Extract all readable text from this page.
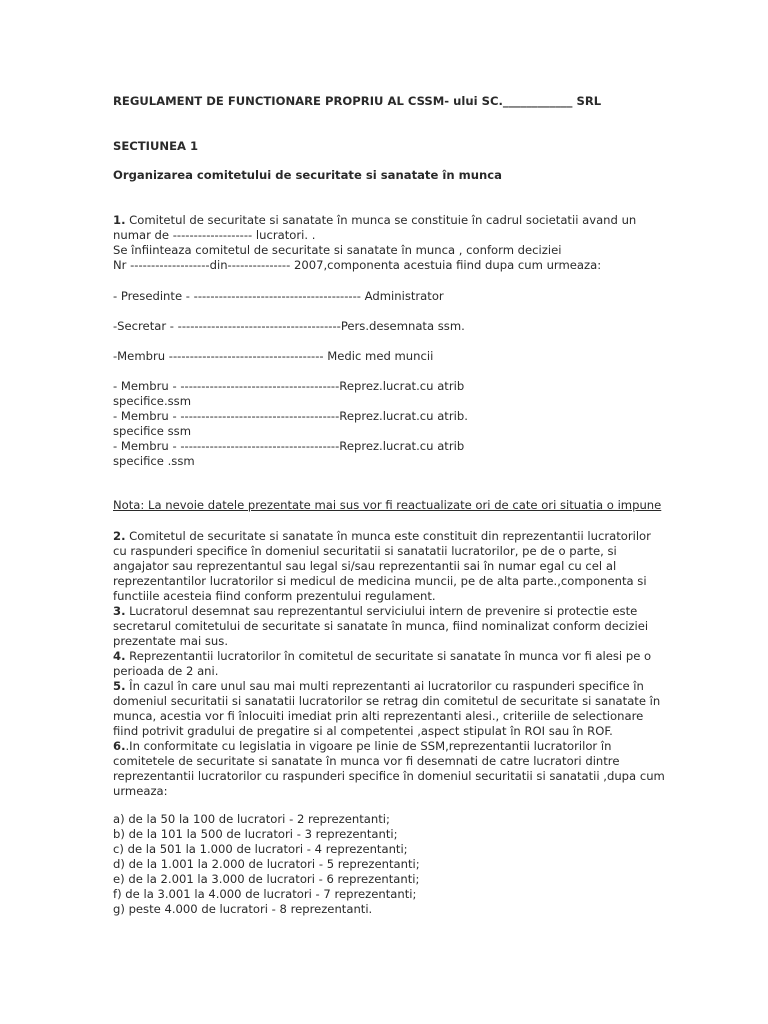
REGULAMENT DE FUNCTIONARE PROPRIU AL CSSM- ului SC.____________ SRL
SECTIUNEA 1
Organizarea comitetului de securitate si sanatate în munca
1. Comitetul de securitate si sanatate în munca se constituie în cadrul societatii avand un
numar de ------------------- lucratori. .
Se înfiinteaza comitetul de securitate si sanatate în munca , conform deciziei
Nr -------------------din--------------- 2007,componenta acestuia fiind dupa cum urmeaza:
- Presedinte - ---------------------------------------- Administrator
-Secretar - ---------------------------------------Pers.desemnata ssm.
-Membru ------------------------------------- Medic med muncii
- Membru - --------------------------------------Reprez.lucrat.cu atrib
specifice.ssm
- Membru - --------------------------------------Reprez.lucrat.cu atrib.
specifice ssm
- Membru - --------------------------------------Reprez.lucrat.cu atrib
specifice .ssm
Nota: La nevoie datele prezentate mai sus vor fi reactualizate ori de cate ori situatia o impune
2. Comitetul de securitate si sanatate în munca este constituit din reprezentantii lucratorilor
cu raspunderi specifice în domeniul securitatii si sanatatii lucratorilor, pe de o parte, si
angajator sau reprezentantul sau legal si/sau reprezentantii sai în numar egal cu cel al
reprezentantilor lucratorilor si medicul de medicina muncii, pe de alta parte.,componenta si
functiile acesteia fiind conform prezentului regulament.
3. Lucratorul desemnat sau reprezentantul serviciului intern de prevenire si protectie este
secretarul comitetului de securitate si sanatate în munca, fiind nominalizat conform deciziei
prezentate mai sus.
4. Reprezentantii lucratorilor în comitetul de securitate si sanatate în munca vor fi alesi pe o
perioada de 2 ani.
5. În cazul în care unul sau mai multi reprezentanti ai lucratorilor cu raspunderi specifice în
domeniul securitatii si sanatatii lucratorilor se retrag din comitetul de securitate si sanatate în
munca, acestia vor fi înlocuiti imediat prin alti reprezentanti alesi., criteriile de selectionare
fiind potrivit gradului de pregatire si al competentei ,aspect stipulat în ROI sau în ROF.
6..In conformitate cu legislatia in vigoare pe linie de SSM,reprezentantii lucratorilor în
comitetele de securitate si sanatate în munca vor fi desemnati de catre lucratori dintre
reprezentantii lucratorilor cu raspunderi specifice în domeniul securitatii si sanatatii ,dupa cum
urmeaza:
a) de la 50 la 100 de lucratori - 2 reprezentanti;
b) de la 101 la 500 de lucratori - 3 reprezentanti;
c) de la 501 la 1.000 de lucratori - 4 reprezentanti;
d) de la 1.001 la 2.000 de lucratori - 5 reprezentanti;
e) de la 2.001 la 3.000 de lucratori - 6 reprezentanti;
f) de la 3.001 la 4.000 de lucratori - 7 reprezentanti;
g) peste 4.000 de lucratori - 8 reprezentanti.
